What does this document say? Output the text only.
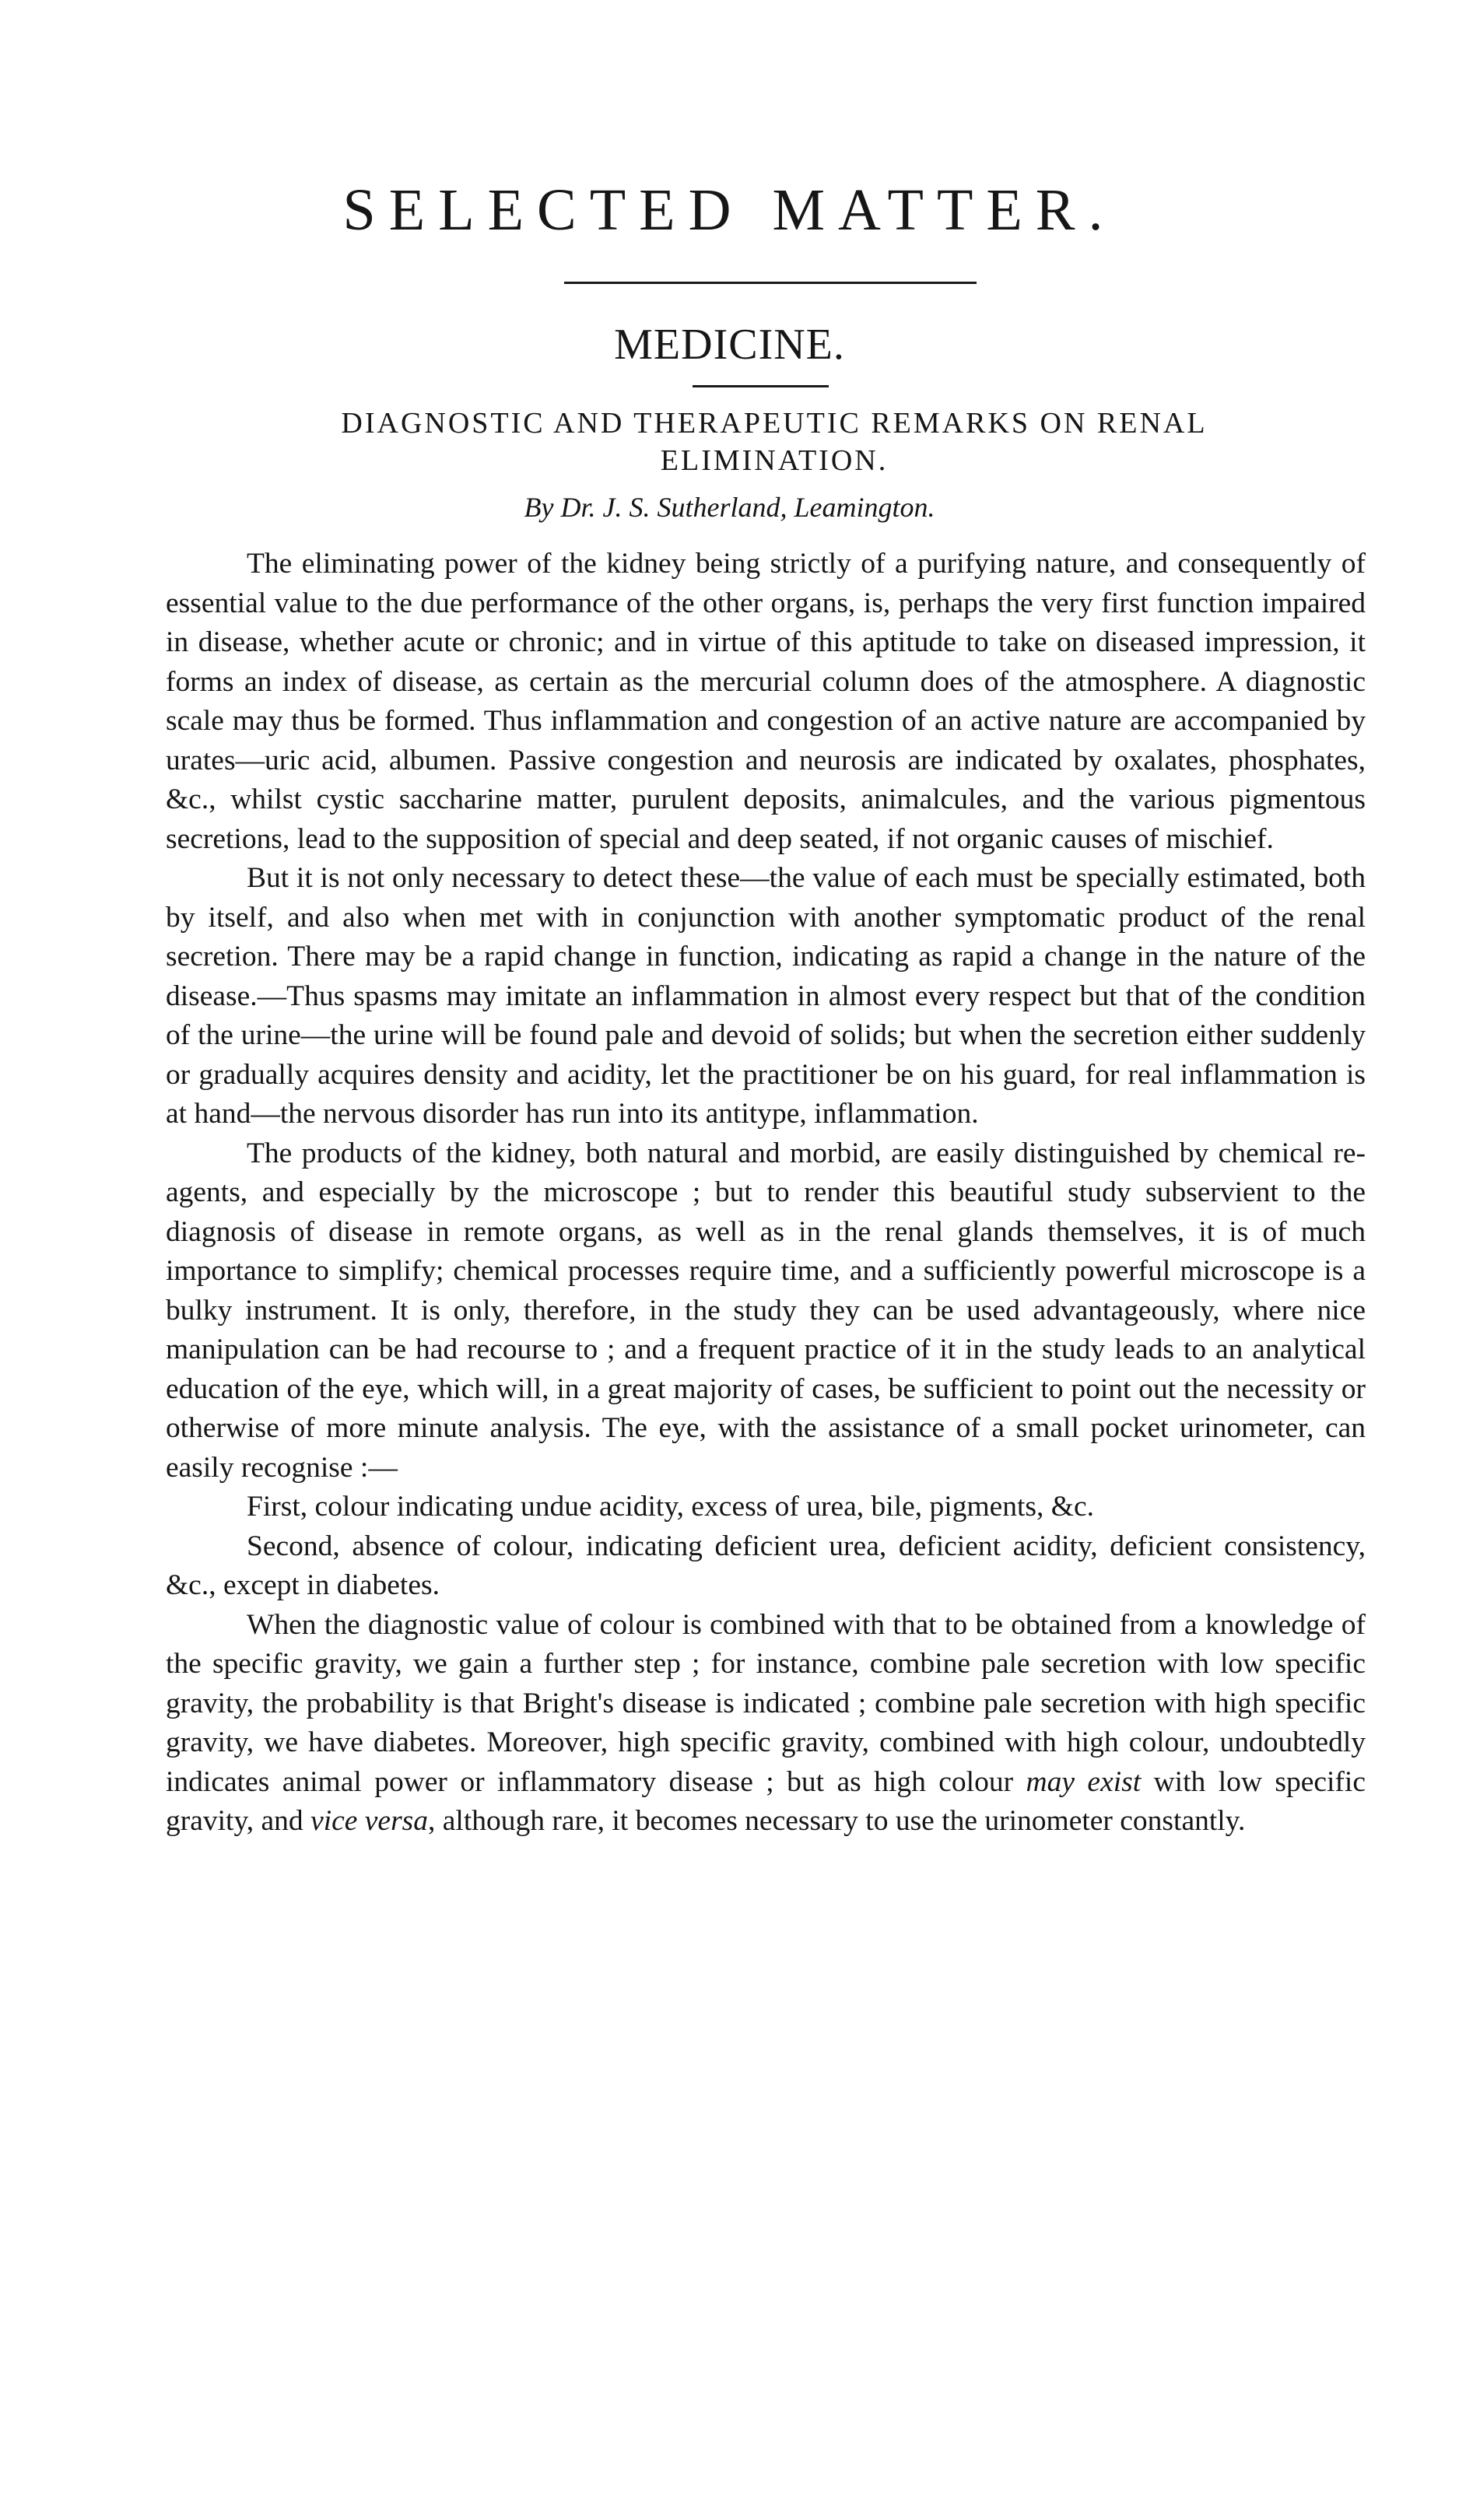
SELECTED MATTER.
MEDICINE.
DIAGNOSTIC AND THERAPEUTIC REMARKS ON RENAL ELIMINATION.
By Dr. J. S. Sutherland, Leamington.

The eliminating power of the kidney being strictly of a purifying nature, and consequently of essential value to the due performance of the other organs, is, perhaps the very first function impaired in disease, whether acute or chronic; and in virtue of this aptitude to take on diseased impression, it forms an index of disease, as certain as the mercurial column does of the atmosphere. A diagnostic scale may thus be formed. Thus inflammation and congestion of an active nature are accompanied by urates—uric acid, albumen. Passive congestion and neurosis are indicated by oxalates, phosphates, &c., whilst cystic saccharine matter, purulent deposits, animalcules, and the various pigmentous secretions, lead to the supposition of special and deep seated, if not organic causes of mischief.

But it is not only necessary to detect these—the value of each must be specially estimated, both by itself, and also when met with in conjunction with another symptomatic product of the renal secretion. There may be a rapid change in function, indicating as rapid a change in the nature of the disease.—Thus spasms may imitate an inflammation in almost every respect but that of the condition of the urine—the urine will be found pale and devoid of solids; but when the secretion either suddenly or gradually acquires density and acidity, let the practitioner be on his guard, for real inflammation is at hand—the nervous disorder has run into its antitype, inflammation.

The products of the kidney, both natural and morbid, are easily distinguished by chemical re-agents, and especially by the microscope ; but to render this beautiful study subservient to the diagnosis of disease in remote organs, as well as in the renal glands themselves, it is of much importance to simplify; chemical processes require time, and a sufficiently powerful microscope is a bulky instrument. It is only, therefore, in the study they can be used advantageously, where nice manipulation can be had recourse to ; and a frequent practice of it in the study leads to an analytical education of the eye, which will, in a great majority of cases, be sufficient to point out the necessity or otherwise of more minute analysis. The eye, with the assistance of a small pocket urinometer, can easily recognise :—

First, colour indicating undue acidity, excess of urea, bile, pigments, &c.

Second, absence of colour, indicating deficient urea, deficient acidity, deficient consistency, &c., except in diabetes.

When the diagnostic value of colour is combined with that to be obtained from a knowledge of the specific gravity, we gain a further step ; for instance, combine pale secretion with low specific gravity, the probability is that Bright's disease is indicated ; combine pale secretion with high specific gravity, we have diabetes. Moreover, high specific gravity, combined with high colour, undoubtedly indicates animal power or inflammatory disease ; but as high colour may exist with low specific gravity, and vice versa, although rare, it becomes necessary to use the urinometer constantly.
